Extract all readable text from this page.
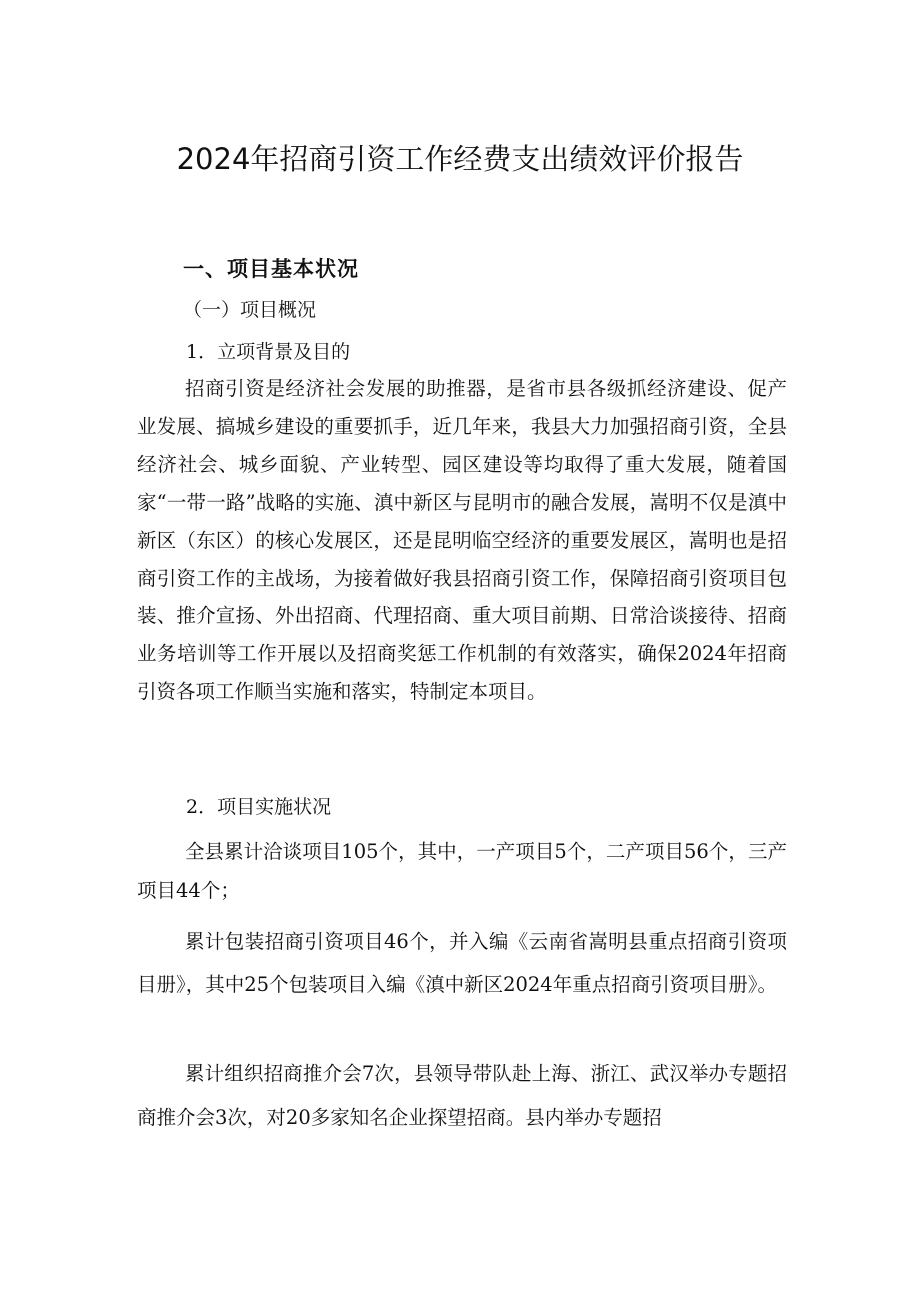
2024年招商引资工作经费支出绩效评价报告
一、项目基本状况
（一）项目概况
1．立项背景及目的

招商引资是经济社会发展的助推器，是省市县各级抓经济建设、促产业发展、搞城乡建设的重要抓手，近几年来，我县大力加强招商引资，全县经济社会、城乡面貌、产业转型、园区建设等均取得了重大发展，随着国家“一带一路”战略的实施、滇中新区与昆明市的融合发展，嵩明不仅是滇中新区（东区）的核心发展区，还是昆明临空经济的重要发展区，嵩明也是招商引资工作的主战场，为接着做好我县招商引资工作，保障招商引资项目包装、推介宣扬、外出招商、代理招商、重大项目前期、日常洽谈接待、招商业务培训等工作开展以及招商奖惩工作机制的有效落实，确保2024年招商引资各项工作顺当实施和落实，特制定本项目。

2．项目实施状况

全县累计洽谈项目105个，其中，一产项目5个，二产项目56个，三产项目44个；

累计包装招商引资项目46个，并入编《云南省嵩明县重点招商引资项目册》，其中25个包装项目入编《滇中新区2024年重点招商引资项目册》。

累计组织招商推介会7次，县领导带队赴上海、浙江、武汉举办专题招商推介会3次，对20多家知名企业探望招商。县内举办专题招
